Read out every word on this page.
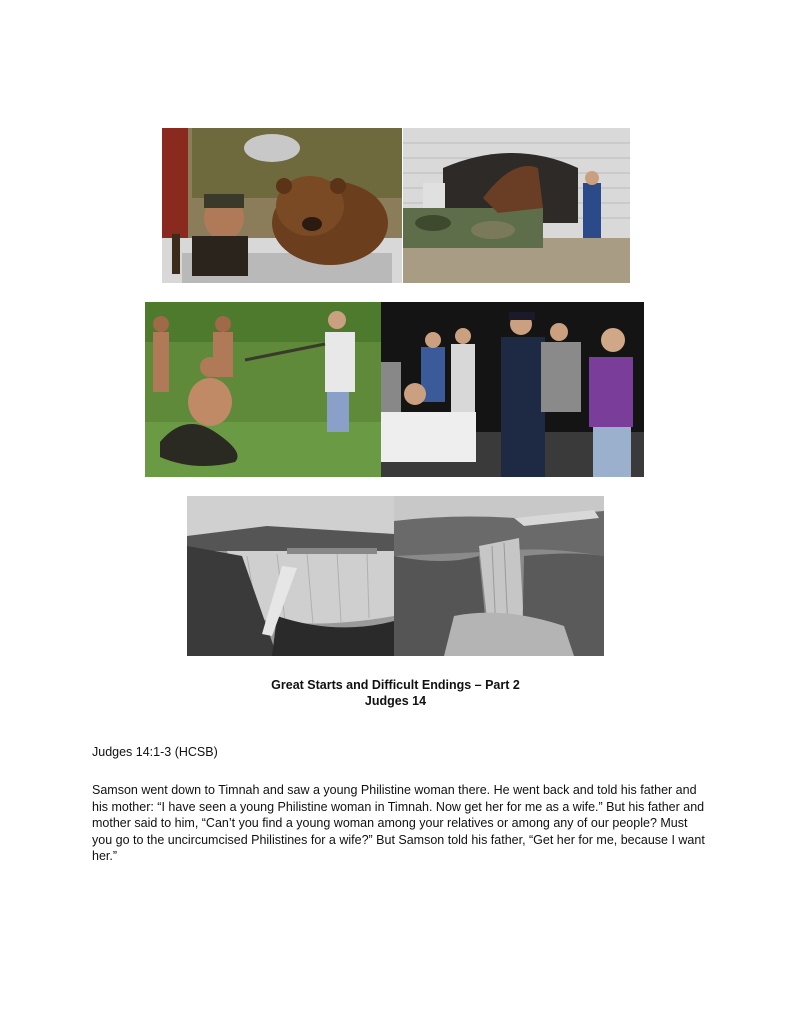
Great Starts and Difficult Endings – Part 2
Judges 14
Judges 14:1-3 (HCSB)
Samson went down to Timnah and saw a young Philistine woman there. He went back and told his father and his mother: “I have seen a young Philistine woman in Timnah. Now get her for me as a wife.” But his father and mother said to him, “Can’t you find a young woman among your relatives or among any of our people? Must you go to the uncircumcised Philistines for a wife?” But Samson told his father, “Get her for me, because I want her.”
